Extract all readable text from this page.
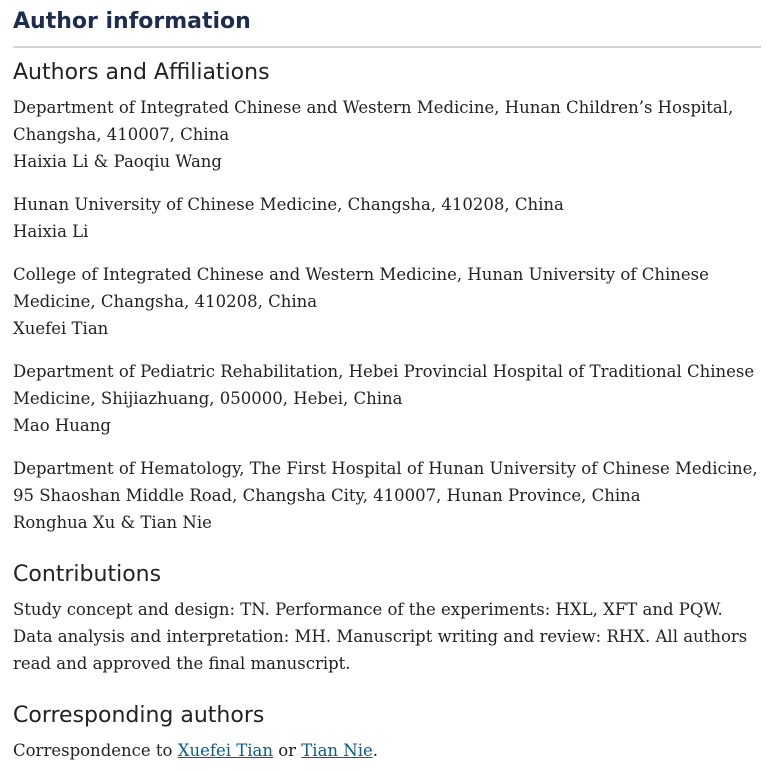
Author information
Authors and Affiliations

Department of Integrated Chinese and Western Medicine, Hunan Children’s Hospital, Changsha, 410007, China
Haixia Li & Paoqiu Wang

Hunan University of Chinese Medicine, Changsha, 410208, China
Haixia Li

College of Integrated Chinese and Western Medicine, Hunan University of Chinese Medicine, Changsha, 410208, China
Xuefei Tian

Department of Pediatric Rehabilitation, Hebei Provincial Hospital of Traditional Chinese Medicine, Shijiazhuang, 050000, Hebei, China
Mao Huang

Department of Hematology, The First Hospital of Hunan University of Chinese Medicine, 95 Shaoshan Middle Road, Changsha City, 410007, Hunan Province, China
Ronghua Xu & Tian Nie

Contributions

Study concept and design: TN. Performance of the experiments: HXL, XFT and PQW. Data analysis and interpretation: MH. Manuscript writing and review: RHX. All authors read and approved the final manuscript.

Corresponding authors

Correspondence to Xuefei Tian or Tian Nie.
